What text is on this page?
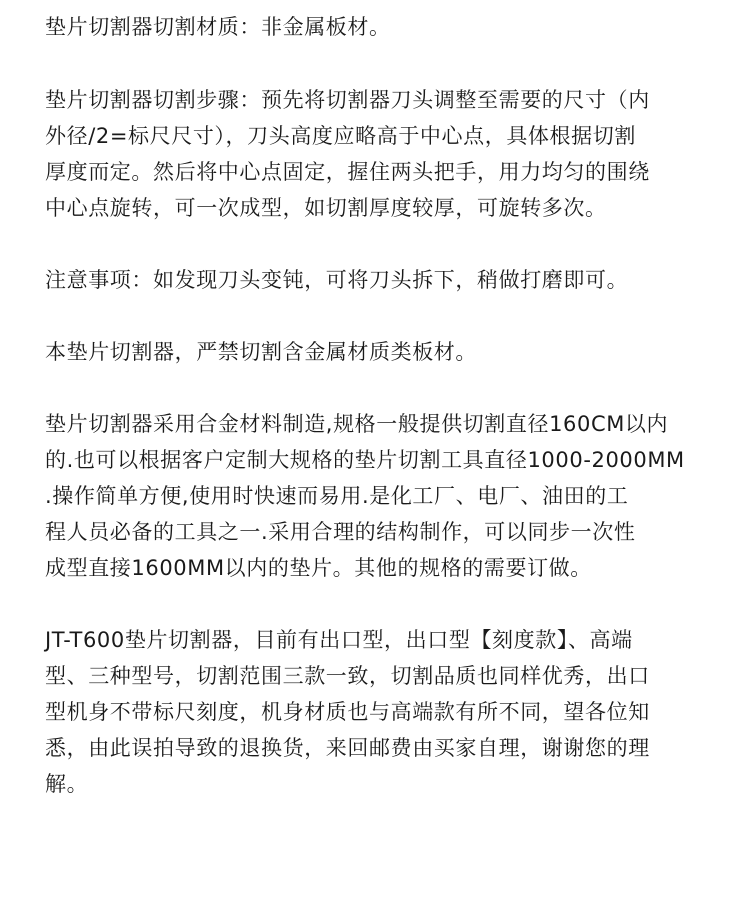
垫片切割器切割材质：非金属板材。

垫片切割器切割步骤：预先将切割器刀头调整至需要的尺寸（内
外径/2=标尺尺寸），刀头高度应略高于中心点，具体根据切割
厚度而定。然后将中心点固定，握住两头把手，用力均匀的围绕
中心点旋转，可一次成型，如切割厚度较厚，可旋转多次。

注意事项：如发现刀头变钝，可将刀头拆下，稍做打磨即可。

本垫片切割器，严禁切割含金属材质类板材。

垫片切割器采用合金材料制造,规格一般提供切割直径160CM以内
的.也可以根据客户定制大规格的垫片切割工具直径1000-2000MM
.操作简单方便,使用时快速而易用.是化工厂、电厂、油田的工
程人员必备的工具之一.采用合理的结构制作，可以同步一次性
成型直接1600MM以内的垫片。其他的规格的需要订做。

JT-T600垫片切割器，目前有出口型，出口型【刻度款】、高端
型、三种型号，切割范围三款一致，切割品质也同样优秀，出口
型机身不带标尺刻度，机身材质也与高端款有所不同，望各位知
悉，由此误拍导致的退换货，来回邮费由买家自理，谢谢您的理
解。
